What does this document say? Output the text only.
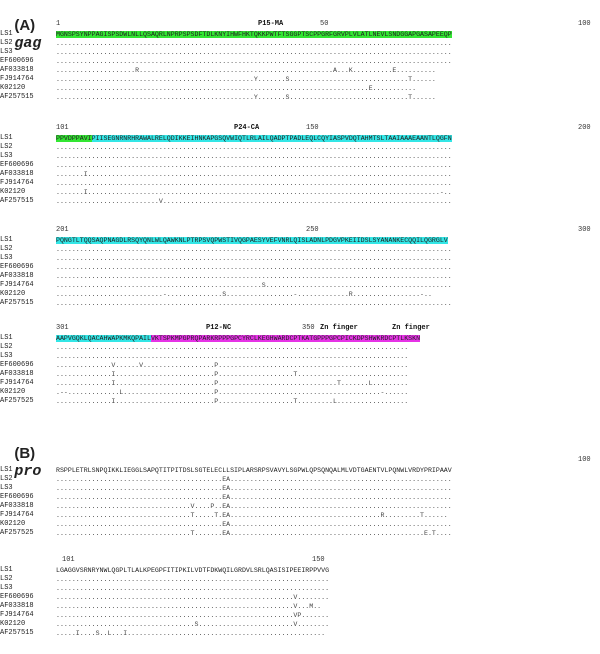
(A)
gag

1	50	100
P15-MA
LS1	MGNSPSYNPPAGISPSDWLNLLQSAQRLNPRPSPSDFTDLKNYIHWFHKTQKKPWTFTSGGPTSCPPGRFGRVPLVLATLNEVLSNDGGAPGASAPEEQP
LS2	....................................................................................................
LS3	....................................................................................................
EF600696	....................................................................................................
AF033818	....................R.................................................A...K..........E..........
FJ914764	..................................................Y.......S..............................T......
K02120	...............................................................................E...........
AF257515	..................................................Y.......S..............................T......
101	150	200
P24-CA
LS1	PPVDPPAVIPIISEGNRNRHRAWALRELQDIKKEIHNKAPGSQVWIQTLRLAILQADPTPADLEQLCQYIASPVDQTAHMTSLTAAIAAAEAANTLQGFN
LS2	....................................................................................................
LS3	....................................................................................................
EF600696	....................................................................................................
AF033818	.......I............................................................................................
FJ914764	....................................................................................................
K02120	.......I.........................................................................................-..
AF257515	..........................V.........................................................................
201	250	300
LS1	PQNGTLTQQSAQPNAGDLRSQYQNLWLQAWKNLPTRPSVQPWSTIVQGPAESYVEFVNRLQISLADNLPDGVPKEIIDSLSYANANKECQQILQGRGLV
LS2	....................................................................................................
LS3	....................................................................................................
EF600696	....................................................................................................
AF033818	....................................................................................................
FJ914764	....................................................S...............................................
K02120	...........................-..............S.................-.............R.................-..
AF257515	....................................................................................................
301	350
P12-NC	Zn finger	Zn finger
LS1	AAPVGQKLQACAHWAPKMKQPAILVKTSPKMPGPRQPARKRPPPGPCYRCLKEGHWARDCPTKATGPPPGPCPICKDPSHWKRDCPTLKSKN
LS2	.........................................................................................
LS3	.........................................................................................
EF600696	..............V......V..................P................................................
AF033818	..............I.........................P...................T............................
FJ914764	..............I.........................P..............................T.......L.........
K02120	.--.............L.......................P.........................................-......
AF257525	..............I.........................P...................T.........L..................

(B)
pro

100
LS1	RSPPLETRLSNPQIKKLIEGGLSAPQTITPITDSLSGTELECLLSIPLARSRPSVAVYLSGPWLQPSQNQALMLVDTGAENTVLPQNWLVRDYPRIPAAV
LS2	..........................................EA........................................................
LS3	..........................................EA........................................................
EF600696	..........................................EA........................................................
AF033818	..................................V....P..EA........................................................
FJ914764	..................................T.....T.EA......................................R.........T......
K02120	..........................................EA........................................................
AF257525	..................................T.......EA.................................................E.T....
101	150
LS1	LGAGGVSRNRYNWLQGPLTLALKPEGPFITIPKILVDTFDKWQILGRDVLSRLQASISIPEEIRPPVVG
LS2	.....................................................................
LS3	.....................................................................
EF600696	............................................................V........
AF033818	............................................................V...M..
FJ914764	............................................................VP.......
K02120	...................................S........................V........
AF257515	.....I....S..L...I..................................................
